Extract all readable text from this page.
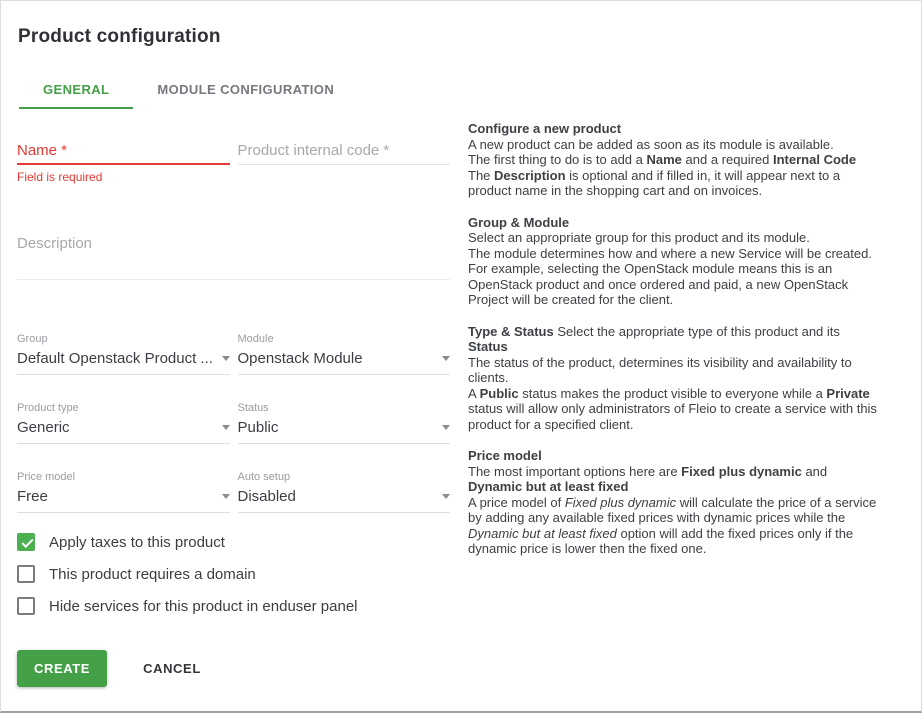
Product configuration
GENERAL	MODULE CONFIGURATION
Name *
Field is required
Product internal code *
Description
Group
Default Openstack Product ...
Module
Openstack Module
Product type
Generic
Status
Public
Price model
Free
Auto setup
Disabled
Apply taxes to this product
This product requires a domain
Hide services for this product in enduser panel
CREATE	CANCEL
Configure a new product
A new product can be added as soon as its module is available.
The first thing to do is to add a Name and a required Internal Code
The Description is optional and if filled in, it will appear next to a product name in the shopping cart and on invoices.
Group & Module
Select an appropriate group for this product and its module.
The module determines how and where a new Service will be created.
For example, selecting the OpenStack module means this is an OpenStack product and once ordered and paid, a new OpenStack Project will be created for the client.
Type & Status Select the appropriate type of this product and its Status
The status of the product, determines its visibility and availability to clients.
A Public status makes the product visible to everyone while a Private status will allow only administrators of Fleio to create a service with this product for a specified client.
Price model
The most important options here are Fixed plus dynamic and Dynamic but at least fixed
A price model of Fixed plus dynamic will calculate the price of a service by adding any available fixed prices with dynamic prices while the Dynamic but at least fixed option will add the fixed prices only if the dynamic price is lower then the fixed one.
